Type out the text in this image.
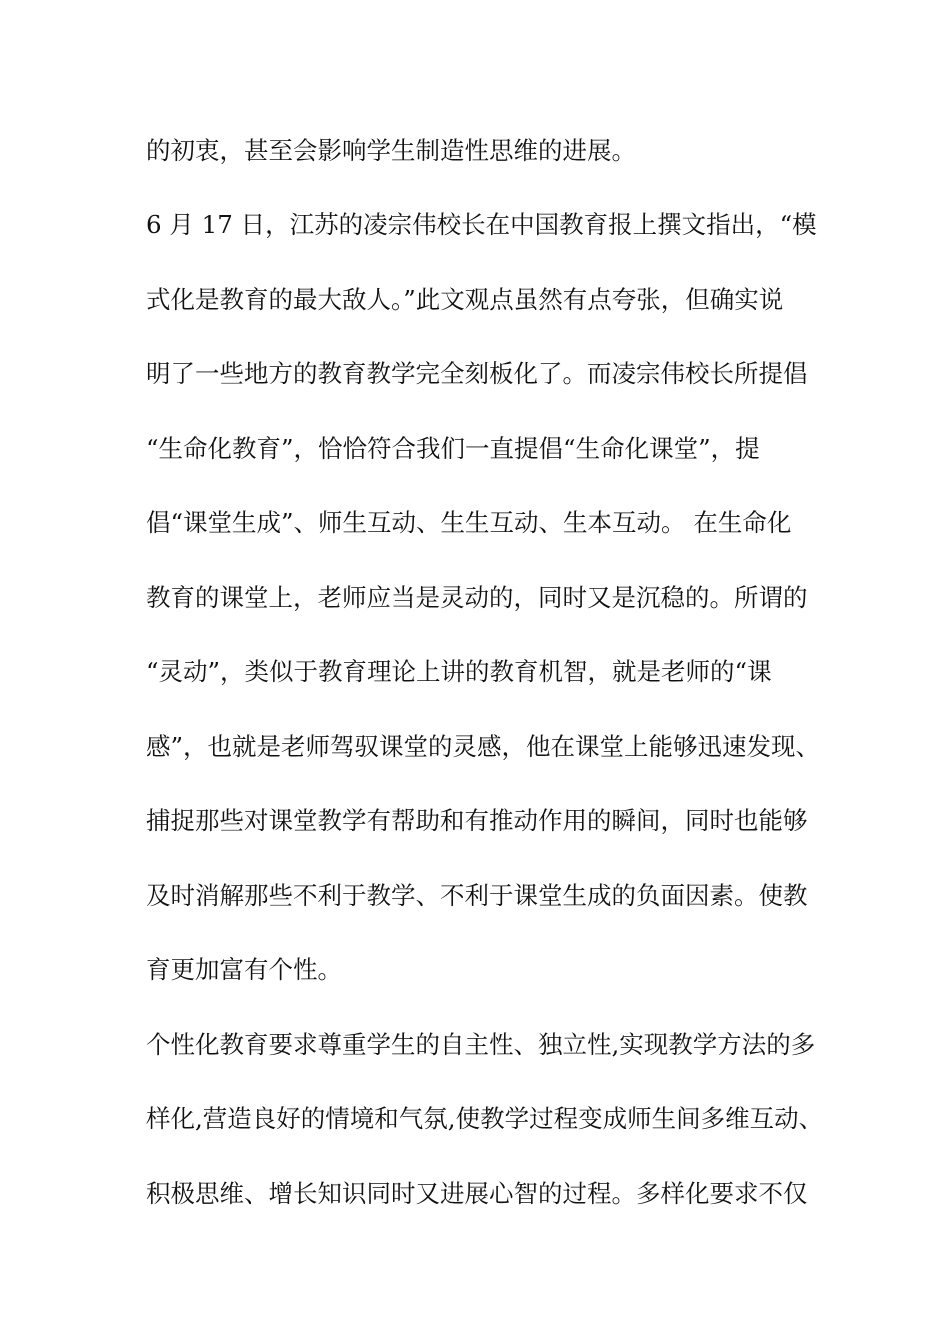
的初衷，甚至会影响学生制造性思维的进展。

6 月 17 日，江苏的凌宗伟校长在中国教育报上撰文指出，“模

式化是教育的最大敌人。”此文观点虽然有点夸张，但确实说

明了一些地方的教育教学完全刻板化了。而凌宗伟校长所提倡

“生命化教育”，恰恰符合我们一直提倡“生命化课堂”，提

倡“课堂生成”、师生互动、生生互动、生本互动。 在生命化

教育的课堂上，老师应当是灵动的，同时又是沉稳的。所谓的

“灵动”，类似于教育理论上讲的教育机智，就是老师的“课

感”，也就是老师驾驭课堂的灵感，他在课堂上能够迅速发现、

捕捉那些对课堂教学有帮助和有推动作用的瞬间，同时也能够

及时消解那些不利于教学、不利于课堂生成的负面因素。使教

育更加富有个性。

个性化教育要求尊重学生的自主性、独立性,实现教学方法的多

样化,营造良好的情境和气氛,使教学过程变成师生间多维互动、

积极思维、增长知识同时又进展心智的过程。多样化要求不仅
